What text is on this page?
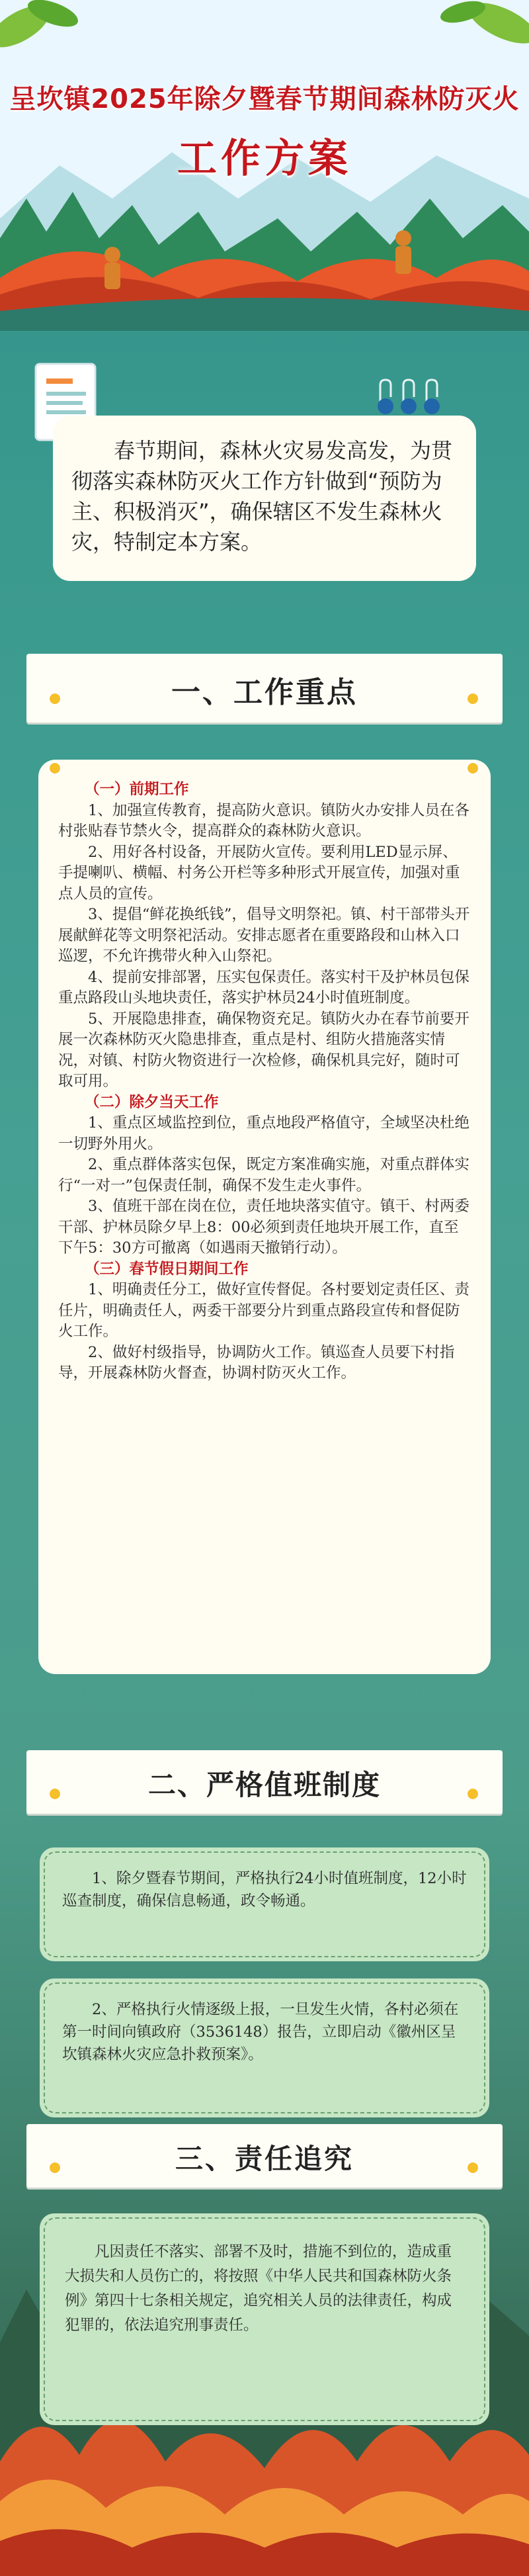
呈坎镇2025年除夕暨春节期间森林防灭火
工作方案
春节期间，森林火灾易发高发，为贯彻落实森林防灭火工作方针做到“预防为主、积极消灭”，确保辖区不发生森林火灾，特制定本方案。
一、工作重点

（一）前期工作

1、加强宣传教育，提高防火意识。镇防火办安排人员在各村张贴春节禁火令，提高群众的森林防火意识。

2、用好各村设备，开展防火宣传。要利用LED显示屏、手提喇叭、横幅、村务公开栏等多种形式开展宣传，加强对重点人员的宣传。

3、提倡“鲜花换纸钱”，倡导文明祭祀。镇、村干部带头开展献鲜花等文明祭祀活动。安排志愿者在重要路段和山林入口巡逻，不允许携带火种入山祭祀。

4、提前安排部署，压实包保责任。落实村干及护林员包保重点路段山头地块责任，落实护林员24小时值班制度。

5、开展隐患排查，确保物资充足。镇防火办在春节前要开展一次森林防灭火隐患排查，重点是村、组防火措施落实情况，对镇、村防火物资进行一次检修，确保机具完好，随时可取可用。

（二）除夕当天工作

1、重点区域监控到位，重点地段严格值守，全域坚决杜绝一切野外用火。

2、重点群体落实包保，既定方案准确实施，对重点群体实行“一对一”包保责任制，确保不发生走火事件。

3、值班干部在岗在位，责任地块落实值守。镇干、村两委干部、护林员除夕早上8：00必须到责任地块开展工作，直至下午5：30方可撤离（如遇雨天撤销行动）。

（三）春节假日期间工作

1、明确责任分工，做好宣传督促。各村要划定责任区、责任片，明确责任人，两委干部要分片到重点路段宣传和督促防火工作。

2、做好村级指导，协调防火工作。镇巡查人员要下村指导，开展森林防火督查，协调村防灭火工作。

二、严格值班制度
1、除夕暨春节期间，严格执行24小时值班制度，12小时巡查制度，确保信息畅通，政令畅通。
2、严格执行火情逐级上报，一旦发生火情，各村必须在第一时间向镇政府（3536148）报告，立即启动《徽州区呈坎镇森林火灾应急扑救预案》。
三、责任追究
凡因责任不落实、部署不及时，措施不到位的，造成重大损失和人员伤亡的，将按照《中华人民共和国森林防火条例》第四十七条相关规定，追究相关人员的法律责任，构成犯罪的，依法追究刑事责任。
